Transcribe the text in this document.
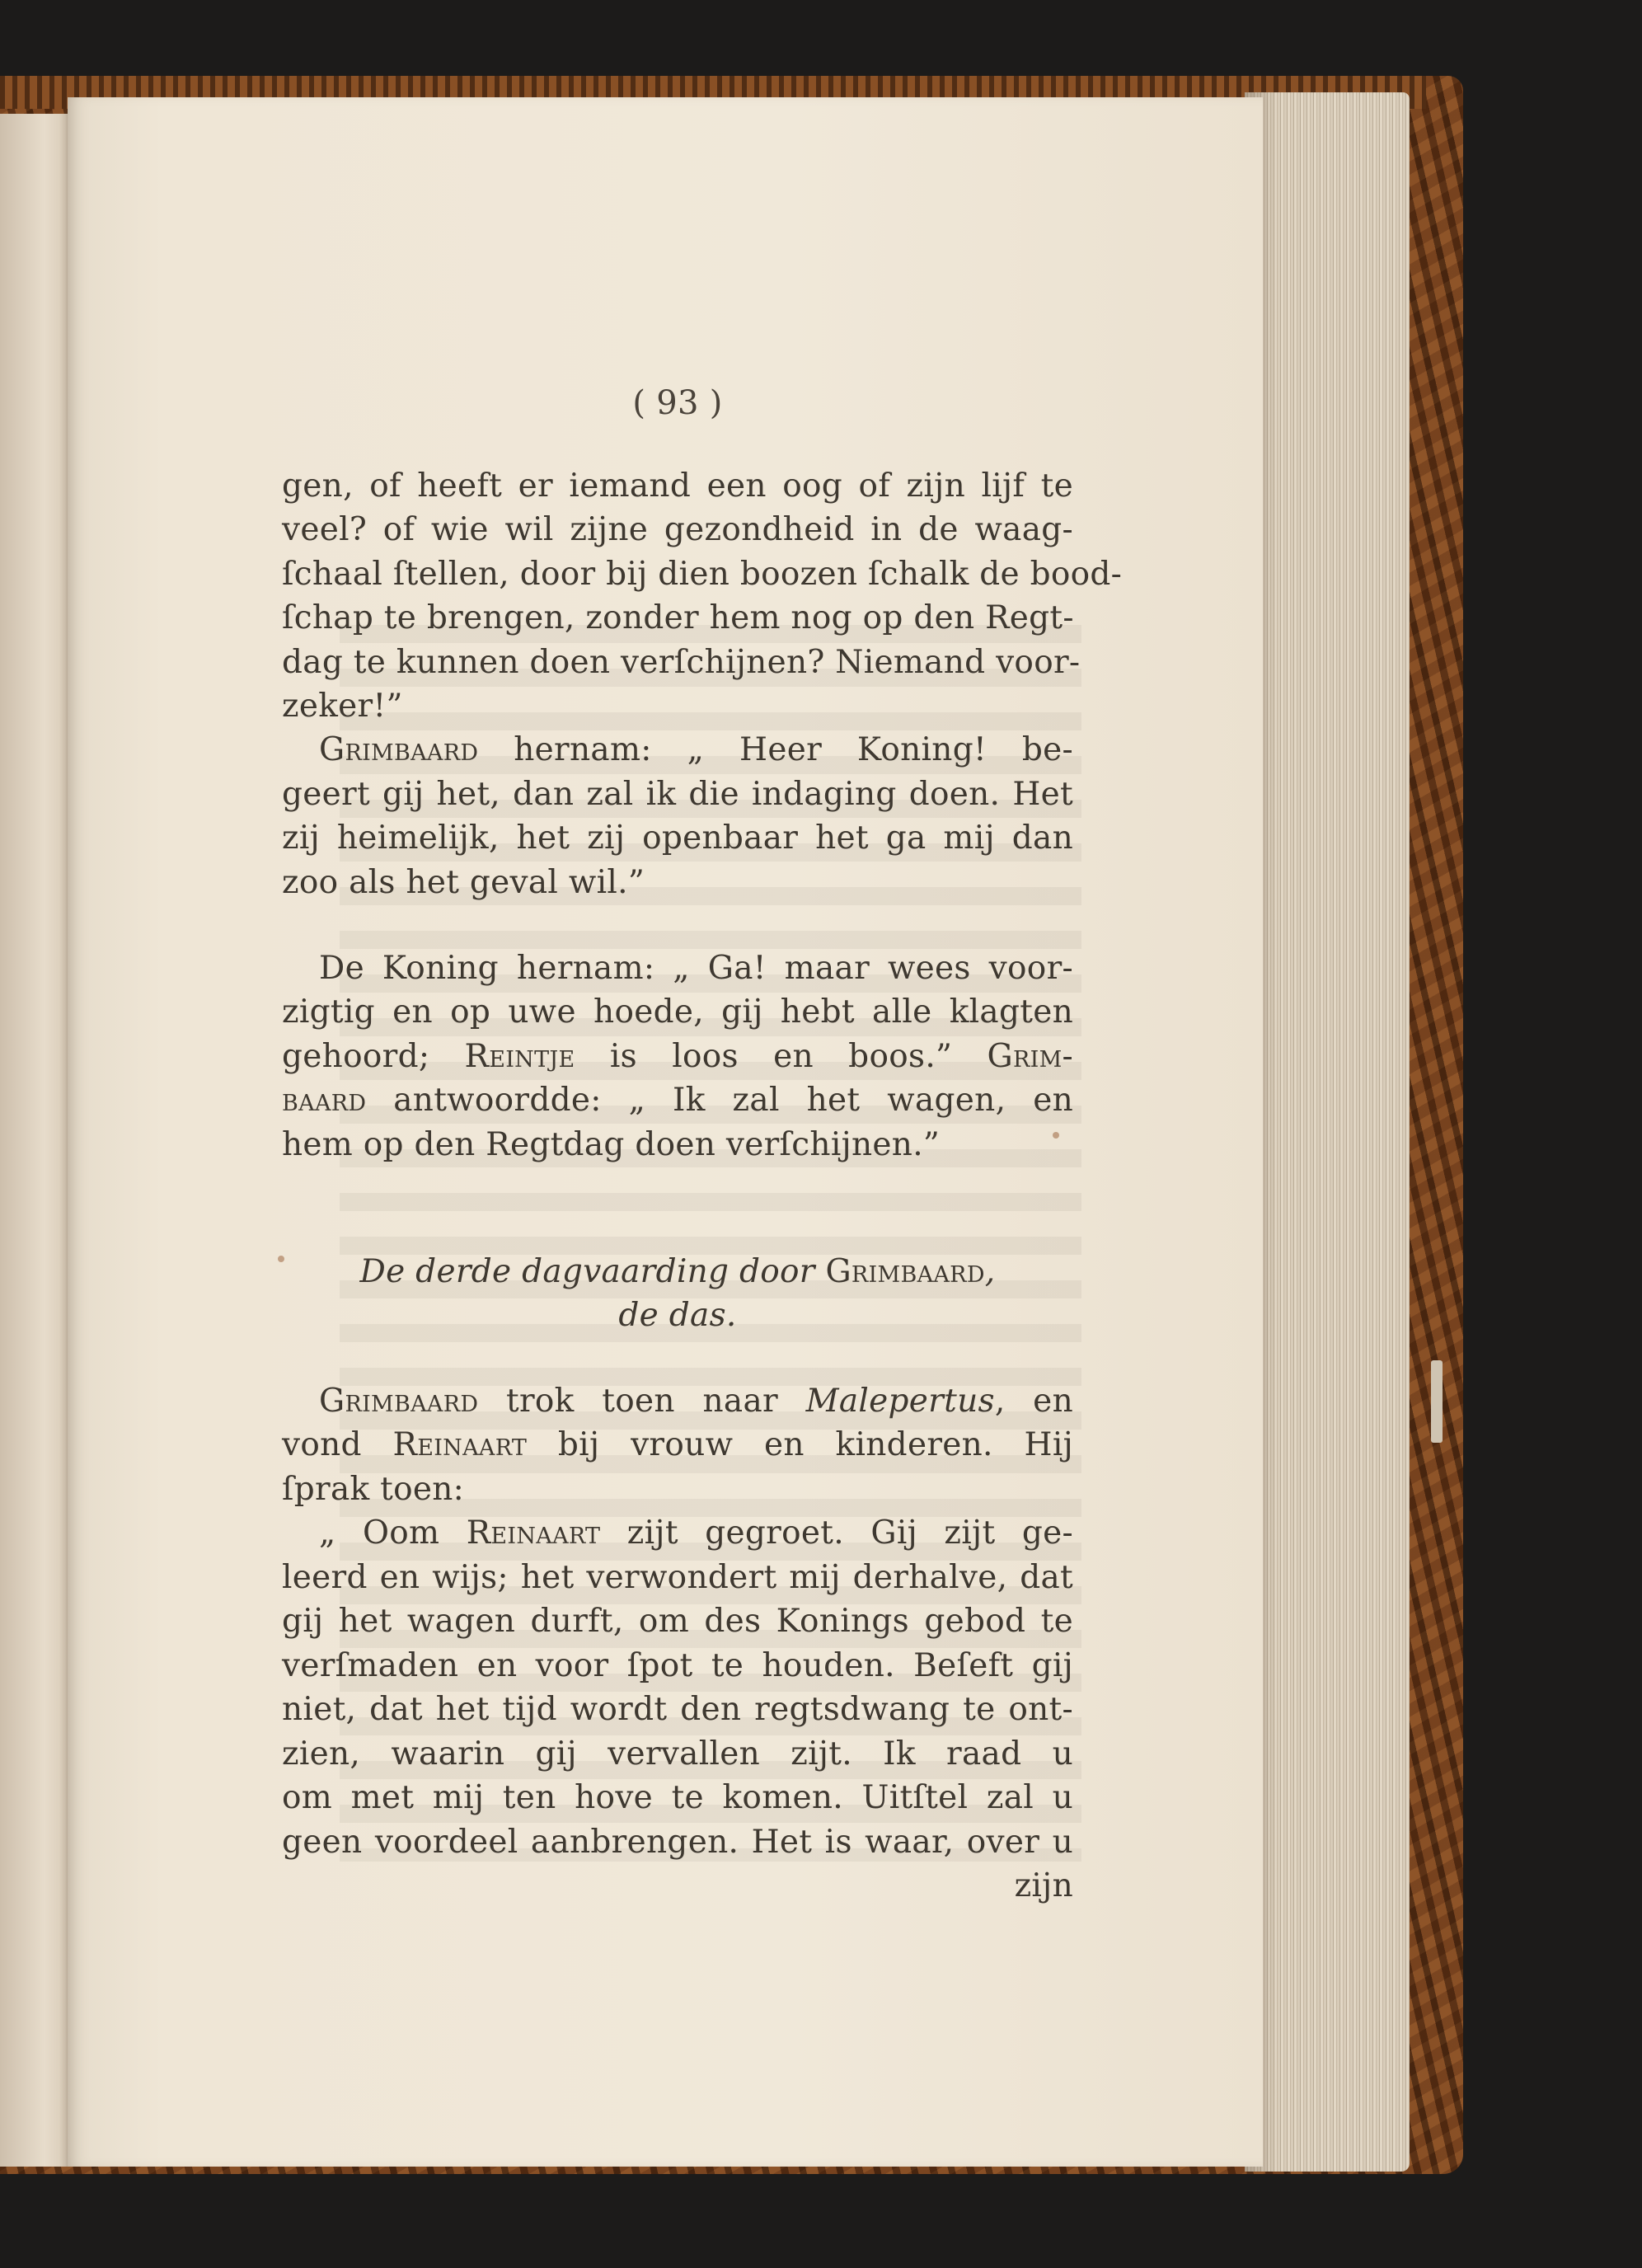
( 93 )
gen, of heeft er iemand een oog of zijn lijf te
veel? of wie wil zijne gezondheid in de waag-
ſchaal ſtellen, door bij dien boozen ſchalk de bood-
ſchap te brengen, zonder hem nog op den Regt-
dag te kunnen doen verſchijnen? Niemand voor-
zeker!”
Grimbaard hernam: „ Heer Koning! be-
geert gij het, dan zal ik die indaging doen. Het
zij heimelijk, het zij openbaar het ga mij dan
zoo als het geval wil.”
De Koning hernam: „ Ga! maar wees voor-
zigtig en op uwe hoede, gij hebt alle klagten
gehoord; Reintje is loos en boos.” Grim-
baard antwoordde: „ Ik zal het wagen, en
hem op den Regtdag doen verſchijnen.”
De derde dagvaarding door Grimbaard,
de das.
Grimbaard trok toen naar Malepertus, en
vond Reinaart bij vrouw en kinderen. Hij
ſprak toen:
„ Oom Reinaart zijt gegroet. Gij zijt ge-
leerd en wijs; het verwondert mij derhalve, dat
gij het wagen durft, om des Konings gebod te
verſmaden en voor ſpot te houden. Beſeft gij
niet, dat het tijd wordt den regtsdwang te ont-
zien, waarin gij vervallen zijt. Ik raad u
om met mij ten hove te komen. Uitſtel zal u
geen voordeel aanbrengen. Het is waar, over u
zijn
